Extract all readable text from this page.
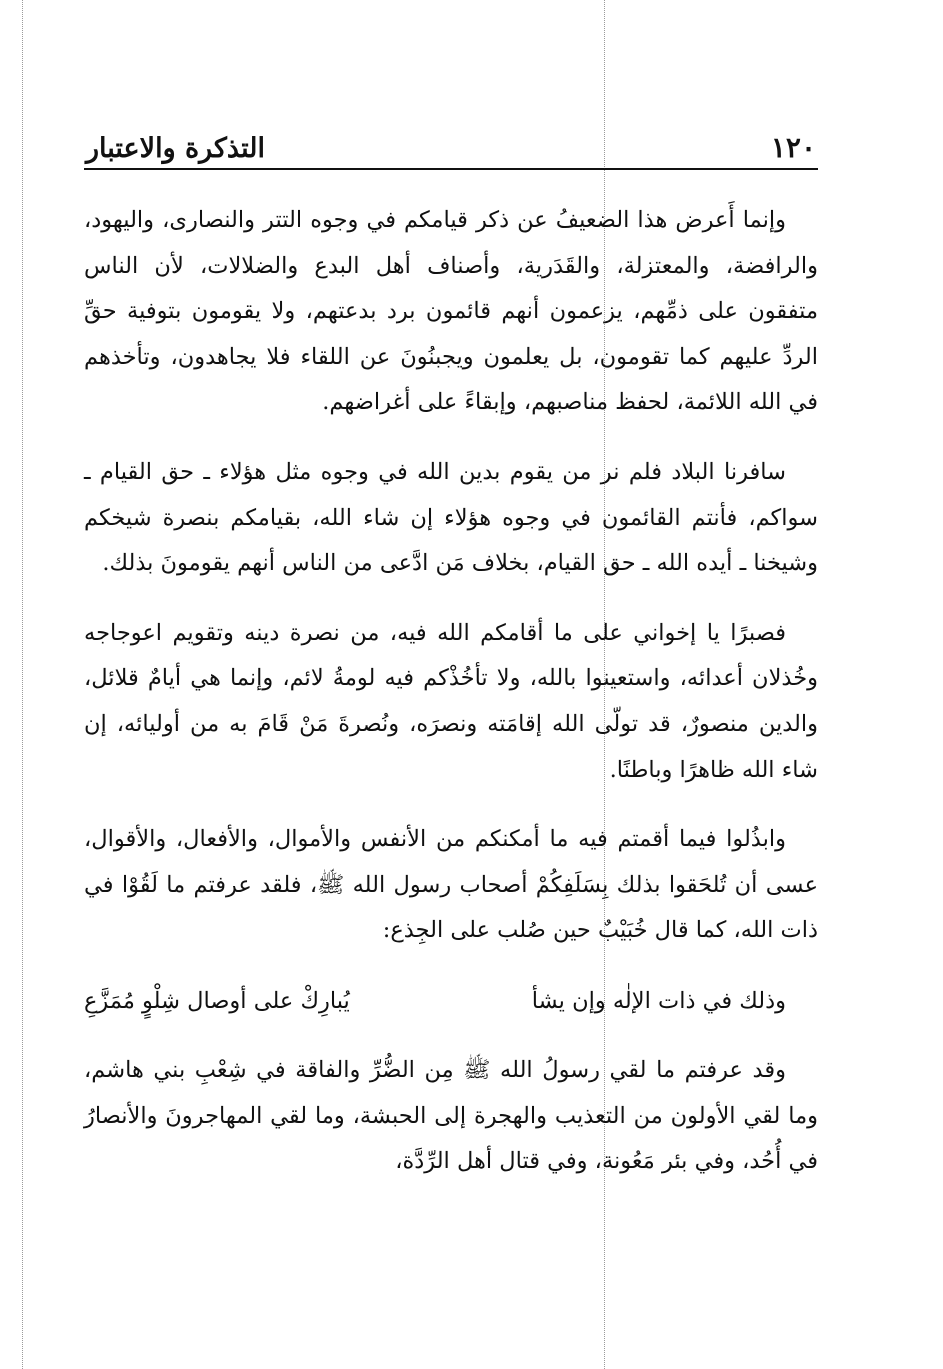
١٢٠
التذكرة والاعتبار

وإنما أَعرض هذا الضعيفُ عن ذكر قيامكم في وجوه التتر والنصارى، واليهود، والرافضة، والمعتزلة، والقَدَرية، وأصناف أهل البدع والضلالات، لأن الناس متفقون على ذمِّهم، يزعمون أنهم قائمون برد بدعتهم، ولا يقومون بتوفية حقِّ الردِّ عليهم كما تقومون، بل يعلمون ويجبنُونَ عن اللقاء فلا يجاهدون، وتأخذهم في الله اللائمة، لحفظ مناصبهم، وإبقاءً على أغراضهم.

سافرنا البلاد فلم نر من يقوم بدين الله في وجوه مثل هؤلاء ـ حق القيام ـ سواكم، فأنتم القائمون في وجوه هؤلاء إن شاء الله، بقيامكم بنصرة شيخكم وشيخنا ـ أيده الله ـ حق القيام، بخلاف مَن ادَّعى من الناس أنهم يقومونَ بذلك.

فصبرًا يا إخواني على ما أقامكم الله فيه، من نصرة دينه وتقويم اعوجاجه وخُذلان أعدائه، واستعينوا بالله، ولا تأخُذْكم فيه لومةُ لائم، وإنما هي أيامٌ قلائل، والدين منصورٌ، قد تولّى الله إقامَته ونصرَه، ونُصرةَ مَنْ قَامَ به من أوليائه، إن شاء الله ظاهرًا وباطنًا.

وابذُلوا فيما أقمتم فيه ما أمكنكم من الأنفس والأموال، والأفعال، والأقوال، عسى أن تُلحَقوا بذلك بِسَلَفِكُمْ أصحاب رسول الله ﷺ، فلقد عرفتم ما لَقُوْا في ذات الله، كما قال خُبَيْبٌ حين صُلب على الجِذع:

وذلك في ذات الإلٰه وإن يشأ
يُبارِكْ على أوصال شِلْوٍ مُمَزَّعِ

وقد عرفتم ما لقي رسولُ الله ﷺ مِن الضُّرِّ والفاقة في شِعْبِ بني هاشم، وما لقي الأولون من التعذيب والهجرة إلى الحبشة، وما لقي المهاجرونَ والأنصارُ في أُحُد، وفي بئر مَعُونة، وفي قتال أهل الرِّدَّة،
